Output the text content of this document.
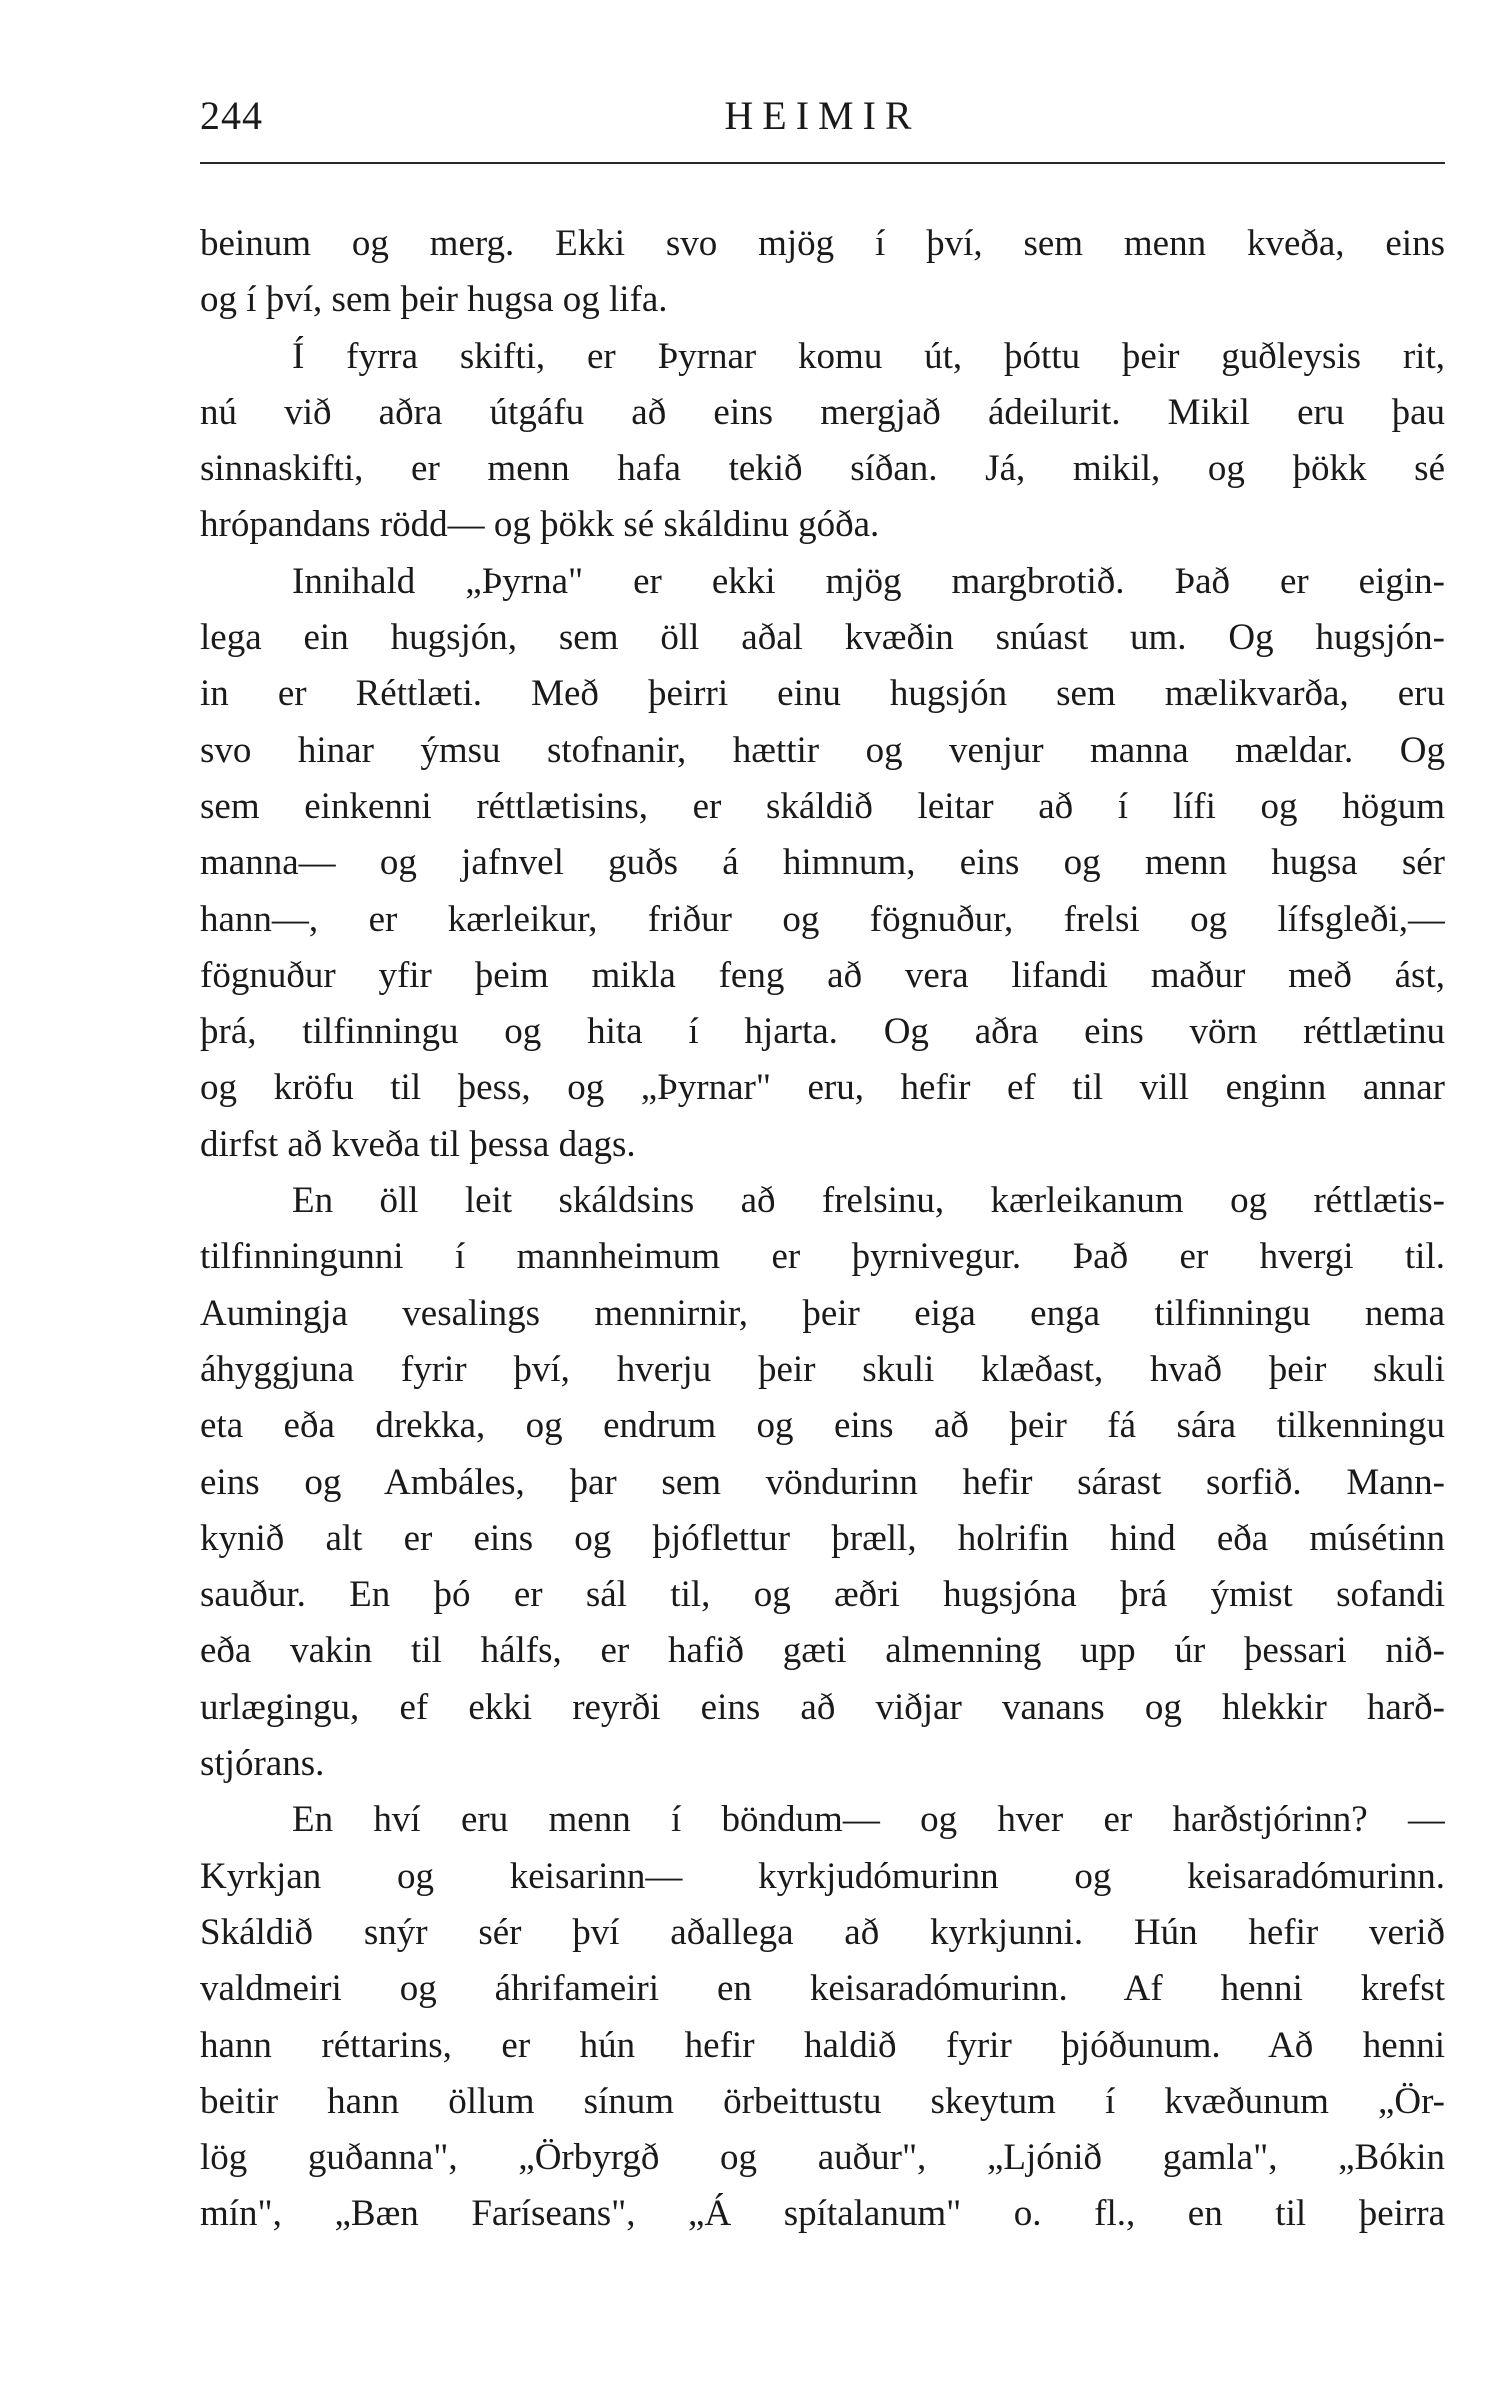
244	HEIMIR
beinum og merg. Ekki svo mjög í því, sem menn kveða, eins
og í því, sem þeir hugsa og lifa.
Í fyrra skifti, er Þyrnar komu út, þóttu þeir guðleysis rit,
nú við aðra útgáfu að eins mergjað ádeilurit. Mikil eru þau
sinnaskifti, er menn hafa tekið síðan. Já, mikil, og þökk sé
hrópandans rödd— og þökk sé skáldinu góða.
Innihald „Þyrna" er ekki mjög margbrotið. Það er eigin-
lega ein hugsjón, sem öll aðal kvæðin snúast um. Og hugsjón-
in er Réttlæti. Með þeirri einu hugsjón sem mælikvarða, eru
svo hinar ýmsu stofnanir, hættir og venjur manna mældar. Og
sem einkenni réttlætisins, er skáldið leitar að í lífi og högum
manna— og jafnvel guðs á himnum, eins og menn hugsa sér
hann—, er kærleikur, friður og fögnuður, frelsi og lífsgleði,—
fögnuður yfir þeim mikla feng að vera lifandi maður með ást,
þrá, tilfinningu og hita í hjarta. Og aðra eins vörn réttlætinu
og kröfu til þess, og „Þyrnar" eru, hefir ef til vill enginn annar
dirfst að kveða til þessa dags.
En öll leit skáldsins að frelsinu, kærleikanum og réttlætis-
tilfinningunni í mannheimum er þyrnivegur. Það er hvergi til.
Aumingja vesalings mennirnir, þeir eiga enga tilfinningu nema
áhyggjuna fyrir því, hverju þeir skuli klæðast, hvað þeir skuli
eta eða drekka, og endrum og eins að þeir fá sára tilkenningu
eins og Ambáles, þar sem vöndurinn hefir sárast sorfið. Mann-
kynið alt er eins og þjóflettur þræll, holrifin hind eða músétinn
sauður. En þó er sál til, og æðri hugsjóna þrá ýmist sofandi
eða vakin til hálfs, er hafið gæti almenning upp úr þessari nið-
urlægingu, ef ekki reyrði eins að viðjar vanans og hlekkir harð-
stjórans.
En hví eru menn í böndum— og hver er harðstjórinn? —
Kyrkjan og keisarinn— kyrkjudómurinn og keisaradómurinn.
Skáldið snýr sér því aðallega að kyrkjunni. Hún hefir verið
valdmeiri og áhrifameiri en keisaradómurinn. Af henni krefst
hann réttarins, er hún hefir haldið fyrir þjóðunum. Að henni
beitir hann öllum sínum örbeittustu skeytum í kvæðunum „Ör-
lög guðanna", „Örbyrgð og auður", „Ljónið gamla", „Bókin
mín", „Bæn Faríseans", „Á spítalanum" o. fl., en til þeirra
